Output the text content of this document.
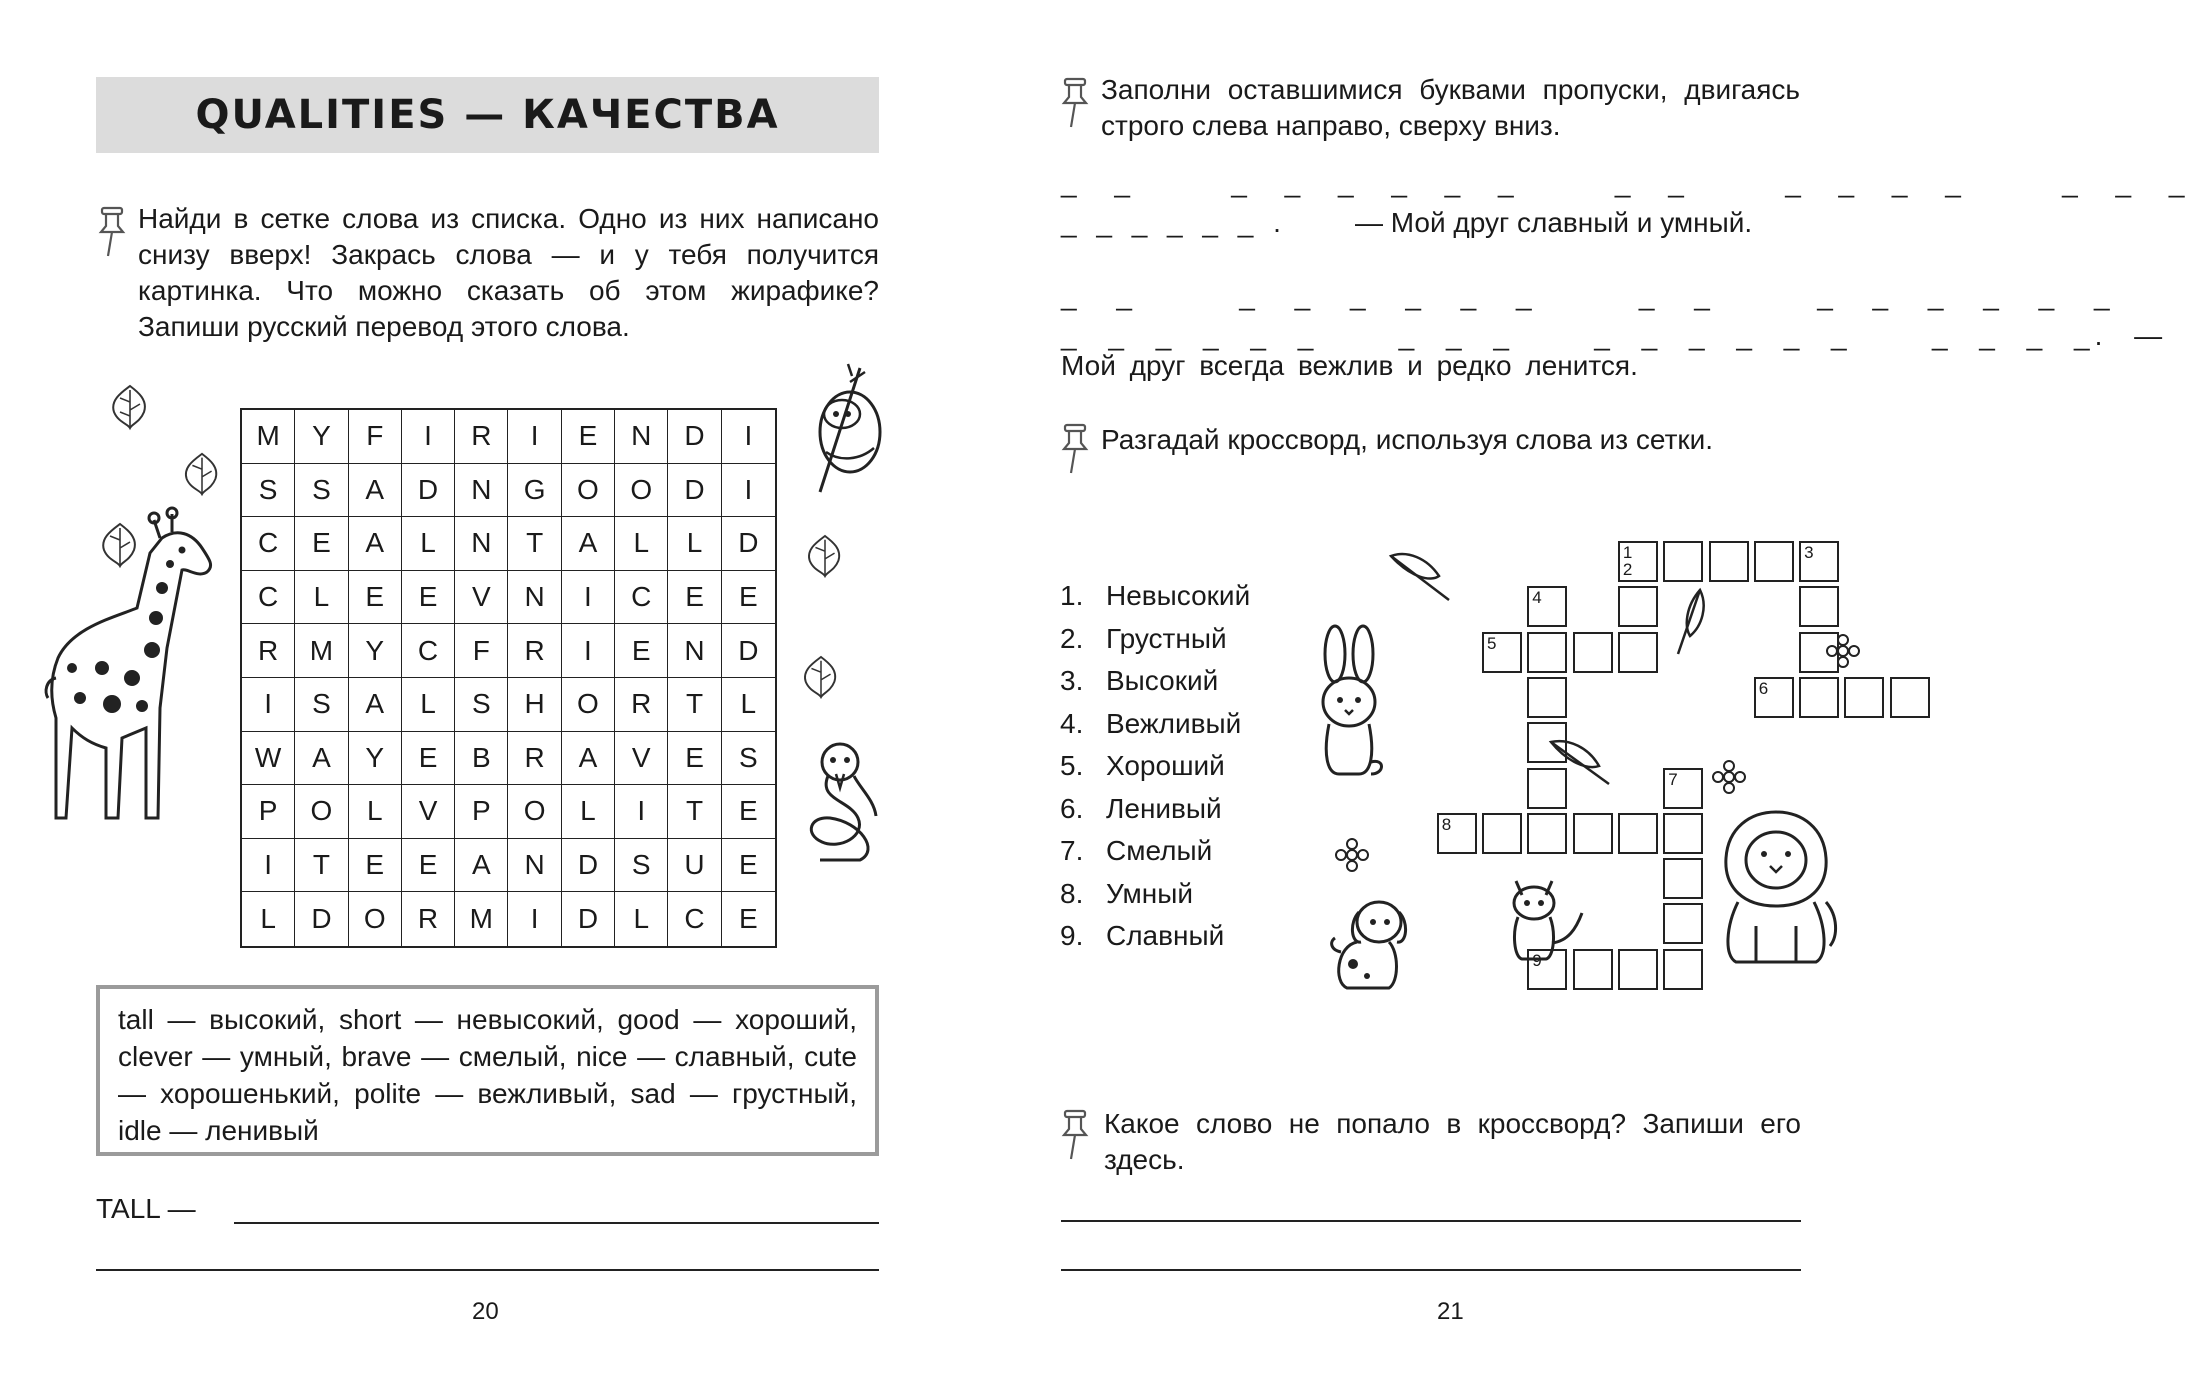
QUALITIES — КАЧЕСТВА
Найди в сетке слова из списка. Одно из них написано снизу вверх! Закрась слова — и у тебя получится картинка. Что можно сказать об этом жирафике? Запиши русский перевод этого слова.
M	Y	F	I	R	I	E	N	D	I
S	S	A	D	N	G	O	O	D	I
C	E	A	L	N	T	A	L	L	D
C	L	E	E	V	N	I	C	E	E
R	M	Y	C	F	R	I	E	N	D
I	S	A	L	S	H	O	R	T	L
W	A	Y	E	B	R	A	V	E	S
P	O	L	V	P	O	L	I	T	E
I	T	E	E	A	N	D	S	U	E
L	D	O	R	M	I	D	L	C	E

tall — высокий, short — невысокий, good — хороший, clever — умный, brave — смелый, nice — славный, cute — хорошенький, polite — вежливый, sad — грустный, idle — ленивый

TALL —
20
Заполни оставшимися буквами пропуски, двигаясь строго слева направо, сверху вниз.
_ _   _ _ _ _ _ _   _ _   _ _ _ _   _ _ _
_ _ _ _ _ _ . — Мой друг славный и умный.
_ _   _ _ _ _ _ _   _ _   _ _ _ _ _ _
_ _ _ _ _ _   _ _ _   _ _ _ _ _ _   _ _ _ _. —
Мой друг всегда вежлив и редко ленится.
Разгадай кроссворд, используя слова из сетки.
1. Невысокий
2. Грустный
3. Высокий
4. Вежливый
5. Хороший
6. Ленивый
7. Смелый
8. Умный
9. Славный
1
2
3
6
4
5
7
8
9
Какое слово не попало в кроссворд? Запиши его здесь.
21
